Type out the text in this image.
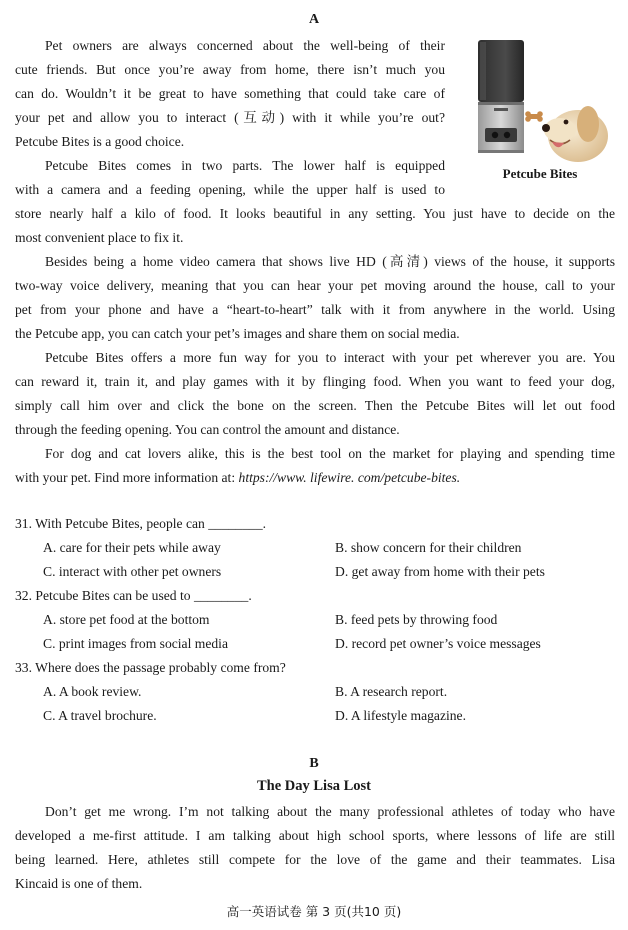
A
Pet owners are always concerned about the well-being of their
cute friends. But once you’re away from home, there isn’t much you
can do. Wouldn’t it be great to have something that could take care of
your pet and allow you to interact (互动) with it while you’re out?
Petcube Bites is a good choice.
Petcube Bites comes in two parts. The lower half is equipped
with a camera and a feeding opening, while the upper half is used to
store nearly half a kilo of food. It looks beautiful in any setting. You just have to decide on the
most convenient place to fix it.
Besides being a home video camera that shows live HD (高清) views of the house, it supports
two-way voice delivery, meaning that you can hear your pet moving around the house, call to your
pet from your phone and have a “heart-to-heart” talk with it from anywhere in the world. Using
the Petcube app, you can catch your pet’s images and share them on social media.
Petcube Bites offers a more fun way for you to interact with your pet wherever you are. You
can reward it, train it, and play games with it by flinging food. When you want to feed your dog,
simply call him over and click the bone on the screen. Then the Petcube Bites will let out food
through the feeding opening. You can control the amount and distance.
For dog and cat lovers alike, this is the best tool on the market for playing and spending time
with your pet. Find more information at: https://www. lifewire. com/petcube-bites.
Petcube Bites
31. With Petcube Bites, people can ________.
A. care for their pets while away	B. show concern for their children
C. interact with other pet owners	D. get away from home with their pets
32. Petcube Bites can be used to ________.
A. store pet food at the bottom	B. feed pets by throwing food
C. print images from social media	D. record pet owner’s voice messages
33. Where does the passage probably come from?
A. A book review.	B. A research report.
C. A travel brochure.	D. A lifestyle magazine.
B
The Day Lisa Lost
Don’t get me wrong. I’m not talking about the many professional athletes of today who have
developed a me-first attitude. I am talking about high school sports, where lessons of life are still
being learned. Here, athletes still compete for the love of the game and their teammates. Lisa
Kincaid is one of them.
高一英语试卷 第 3 页(共10 页)
